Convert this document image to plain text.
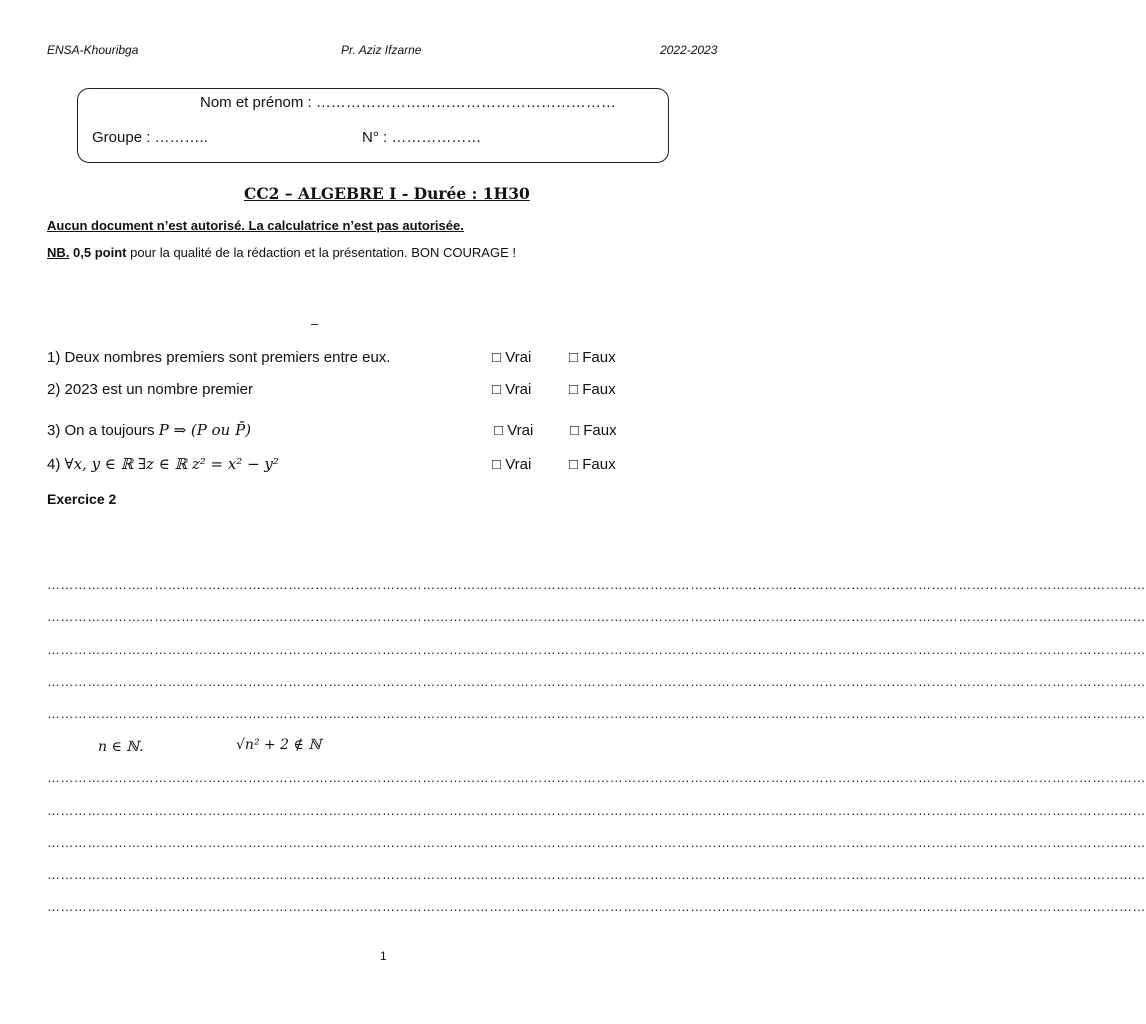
ENSA-Khouribga	Pr. Aziz Ifzarne	2022-2023
Nom et prénom : ……………………………………………………
Groupe : ………..	N° : ………………
CC2 – ALGEBRE I - Durée : 1H30
Aucun document n’est autorisé. La calculatrice n’est pas autorisée.
NB. 0,5 point pour la qualité de la rédaction et la présentation. BON COURAGE !
–
1) Deux nombres premiers sont premiers entre eux.	□ Vrai	□ Faux
2) 2023 est un nombre premier	□ Vrai	□ Faux
3) On a toujours P ⇒ (P ou P̄)	□ Vrai □ Faux
4) ∀x, y ∈ ℝ ∃z ∈ ℝ z² = x² − y²	□ Vrai	□ Faux
Exercice 2
…………………………………………………………………………………………………………………………………………………………………………………………………………………………
…………………………………………………………………………………………………………………………………………………………………………………………………………………………
…………………………………………………………………………………………………………………………………………………………………………………………………………………………
…………………………………………………………………………………………………………………………………………………………………………………………………………………………
…………………………………………………………………………………………………………………………………………………………………………………………………………………………
n ∈ ℕ.	√n² + 2 ∉ ℕ
…………………………………………………………………………………………………………………………………………………………………………………………………………………………
…………………………………………………………………………………………………………………………………………………………………………………………………………………………
…………………………………………………………………………………………………………………………………………………………………………………………………………………………
…………………………………………………………………………………………………………………………………………………………………………………………………………………………
…………………………………………………………………………………………………………………………………………………………………………………………………………………………
1
